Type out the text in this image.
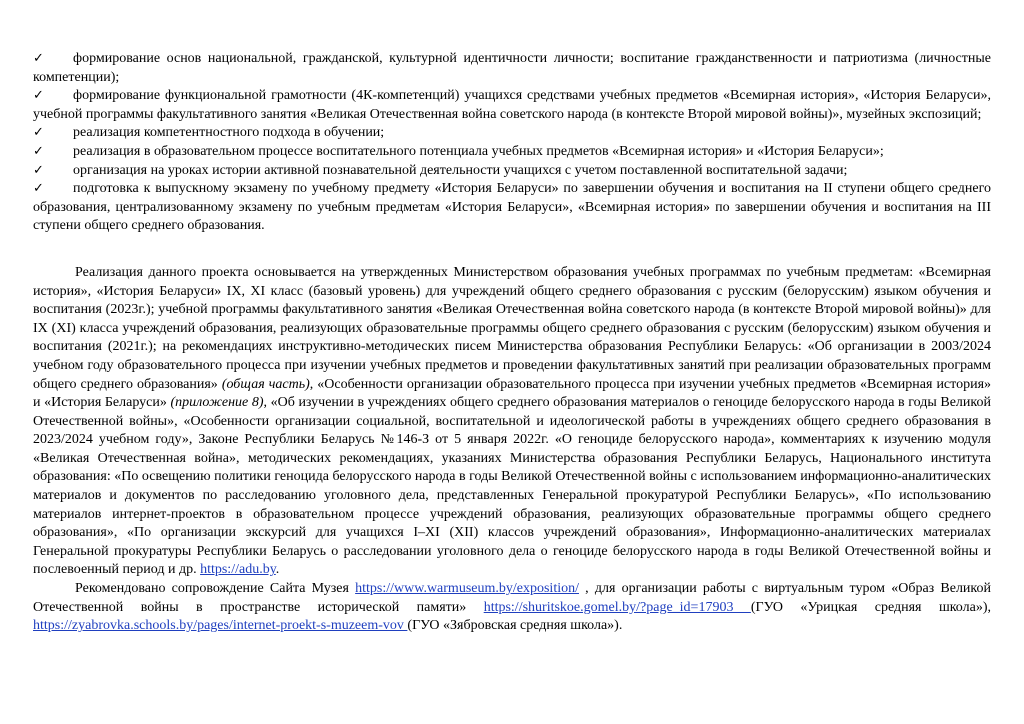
✓ формирование основ национальной, гражданской, культурной идентичности личности; воспитание гражданственности и патриотизма (личностные компетенции);

✓ формирование функциональной грамотности (4К-компетенций) учащихся средствами учебных предметов «Всемирная история», «История Беларуси», учебной программы факультативного занятия «Великая Отечественная война советского народа (в контексте Второй мировой войны)», музейных экспозиций;

✓ реализация компетентностного подхода в обучении;

✓ реализация в образовательном процессе воспитательного потенциала учебных предметов «Всемирная история» и «История Беларуси»;

✓ организация на уроках истории активной познавательной деятельности учащихся с учетом поставленной воспитательной задачи;

✓ подготовка к выпускному экзамену по учебному предмету «История Беларуси» по завершении обучения и воспитания на II ступени общего среднего образования, централизованному экзамену по учебным предметам «История Беларуси», «Всемирная история» по завершении обучения и воспитания на III ступени общего среднего образования.

Реализация данного проекта основывается на утвержденных Министерством образования учебных программах по учебным предметам: «Всемирная история», «История Беларуси» IX, XI класс (базовый уровень) для учреждений общего среднего образования с русским (белорусским) языком обучения и воспитания (2023г.); учебной программы факультативного занятия «Великая Отечественная война советского народа (в контексте Второй мировой войны)» для IX (XI) класса учреждений образования, реализующих образовательные программы общего среднего образования с русским (белорусским) языком обучения и воспитания (2021г.); на рекомендациях инструктивно-методических писем Министерства образования Республики Беларусь: «Об организации в 2003/2024 учебном году образовательного процесса при изучении учебных предметов и проведении факультативных занятий при реализации образовательных программ общего среднего образования» (общая часть), «Особенности организации образовательного процесса при изучении учебных предметов «Всемирная история» и «История Беларуси» (приложение 8), «Об изучении в учреждениях общего среднего образования материалов о геноциде белорусского народа в годы Великой Отечественной войны», «Особенности организации социальной, воспитательной и идеологической работы в учреждениях общего среднего образования в 2023/2024 учебном году», Законе Республики Беларусь №146-З от 5 января 2022г. «О геноциде белорусского народа», комментариях к изучению модуля «Великая Отечественная война», методических рекомендациях, указаниях Министерства образования Республики Беларусь, Национального института образования: «По освещению политики геноцида белорусского народа в годы Великой Отечественной войны с использованием информационно-аналитических материалов и документов по расследованию уголовного дела, представленных Генеральной прокуратурой Республики Беларусь», «По использованию материалов интернет-проектов в образовательном процессе учреждений образования, реализующих образовательные программы общего среднего образования», «По организации экскурсий для учащихся I–XI (XII) классов учреждений образования», Информационно-аналитических материалах Генеральной прокуратуры Республики Беларусь о расследовании уголовного дела о геноциде белорусского народа в годы Великой Отечественной войны и послевоенный период и др. https://adu.by.

Рекомендовано сопровождение Сайта Музея https://www.warmuseum.by/exposition/ , для организации работы с виртуальным туром «Образ Великой Отечественной войны в пространстве исторической памяти» https://shuritskoe.gomel.by/?page_id=17903 (ГУО «Урицкая средняя школа»), https://zyabrovka.schools.by/pages/internet-proekt-s-muzeem-vov (ГУО «Зябровская средняя школа»).
